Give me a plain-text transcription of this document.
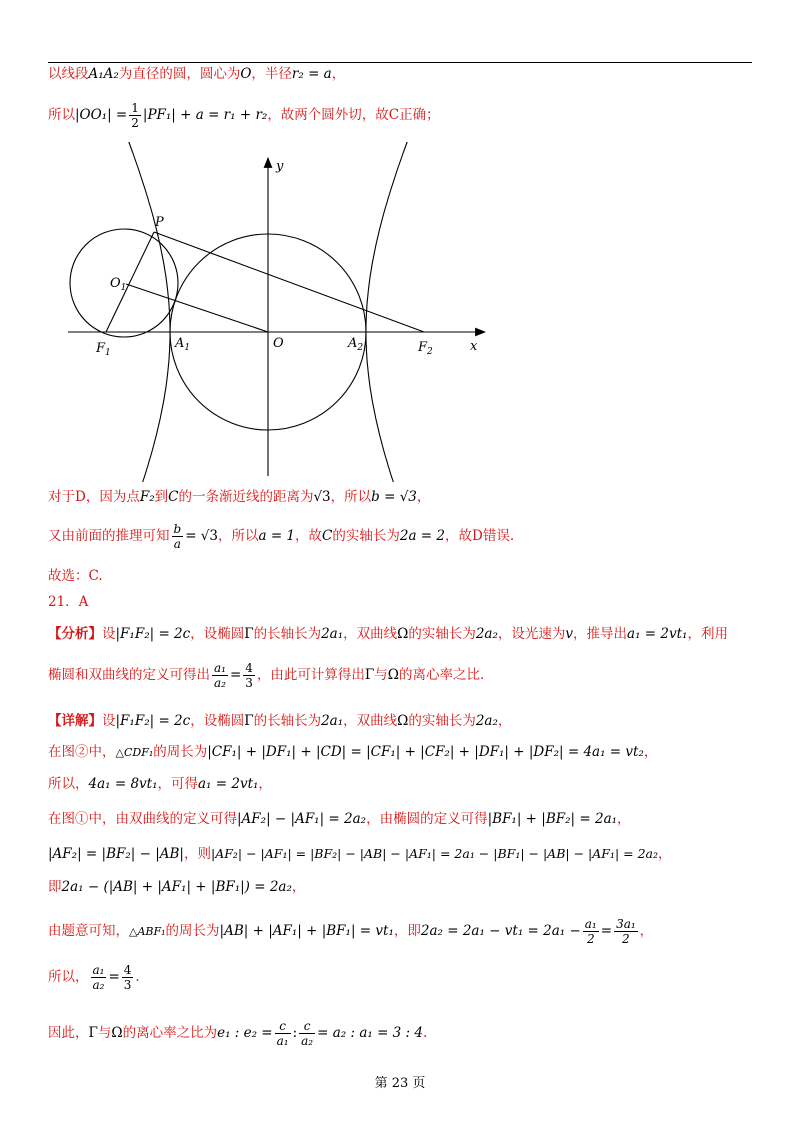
以线段A₁A₂为直径的圆，圆心为O，半径r₂ = a，
所以$|OO_1| = \frac{1}{2} |PF_1| + a = r_1 + r_2$，故两个圆外切，故C正确；
y
x
P
$O_1$
$F_1$
$A_1$	O	$A_2$	$F_2$
对于D，因为点F₂到C的一条渐近线的距离为√3，所以b = √3，
又由前面的推理可知 $\frac{b}{a} = √3$，所以a = 1，故C的实轴长为2a = 2，故D错误.
故选：C.
21．A
【分析】设|F₁F₂| = 2c，设椭圆Γ的长轴长为2a₁，双曲线Ω的实轴长为2a₂，设光速为v，推导出a₁ = 2vt₁，利用
椭圆和双曲线的定义可得出 $\frac{\text{a₁}}{\text{a₂}} = \frac{4}{3}$ ，由此可计算得出Γ与Ω的离心率之比.
【详解】设|F₁F₂| = 2c，设椭圆Γ的长轴长为2a₁，双曲线Ω的实轴长为2a₂，
在图②中，△CDF₁的周长为|CF₁| + |DF₁| + |CD| = |CF₁| + |CF₂| + |DF₁| + |DF₂| = 4a₁ = vt₂，
所以，4a₁ = 8vt₁，可得a₁ = 2vt₁，
在图①中，由双曲线的定义可得|AF₂| − |AF₁| = 2a₂，由椭圆的定义可得|BF₁| + |BF₂| = 2a₁，
|AF₂| = |BF₂| − |AB|，则|AF₂| − |AF₁| = |BF₂| − |AB| − |AF₁| = 2a₁ − |BF₁| − |AB| − |AF₁| = 2a₂，
即2a₁ − (|AB| + |AF₁| + |BF₁|) = 2a₂，
由题意可知，△ABF₁的周长为|AB| + |AF₁| + |BF₁| = vt₁，即$2a_2 = 2a_1 - vt_1 = 2a_1 - \frac{\text{a₁}}{2} = \frac{\text{3a₁}}{2}$ ，
所以， $\frac{\text{a₁}}{\text{a₂}} = \frac{4}{3}$ .
因此，Γ与Ω的离心率之比为e₁ : $e_2 = \frac{c}{\text{a₁}}$ : $\frac{c}{\text{a₂}} = a_2$ : a₁ = 3 : 4.
第 23 页
